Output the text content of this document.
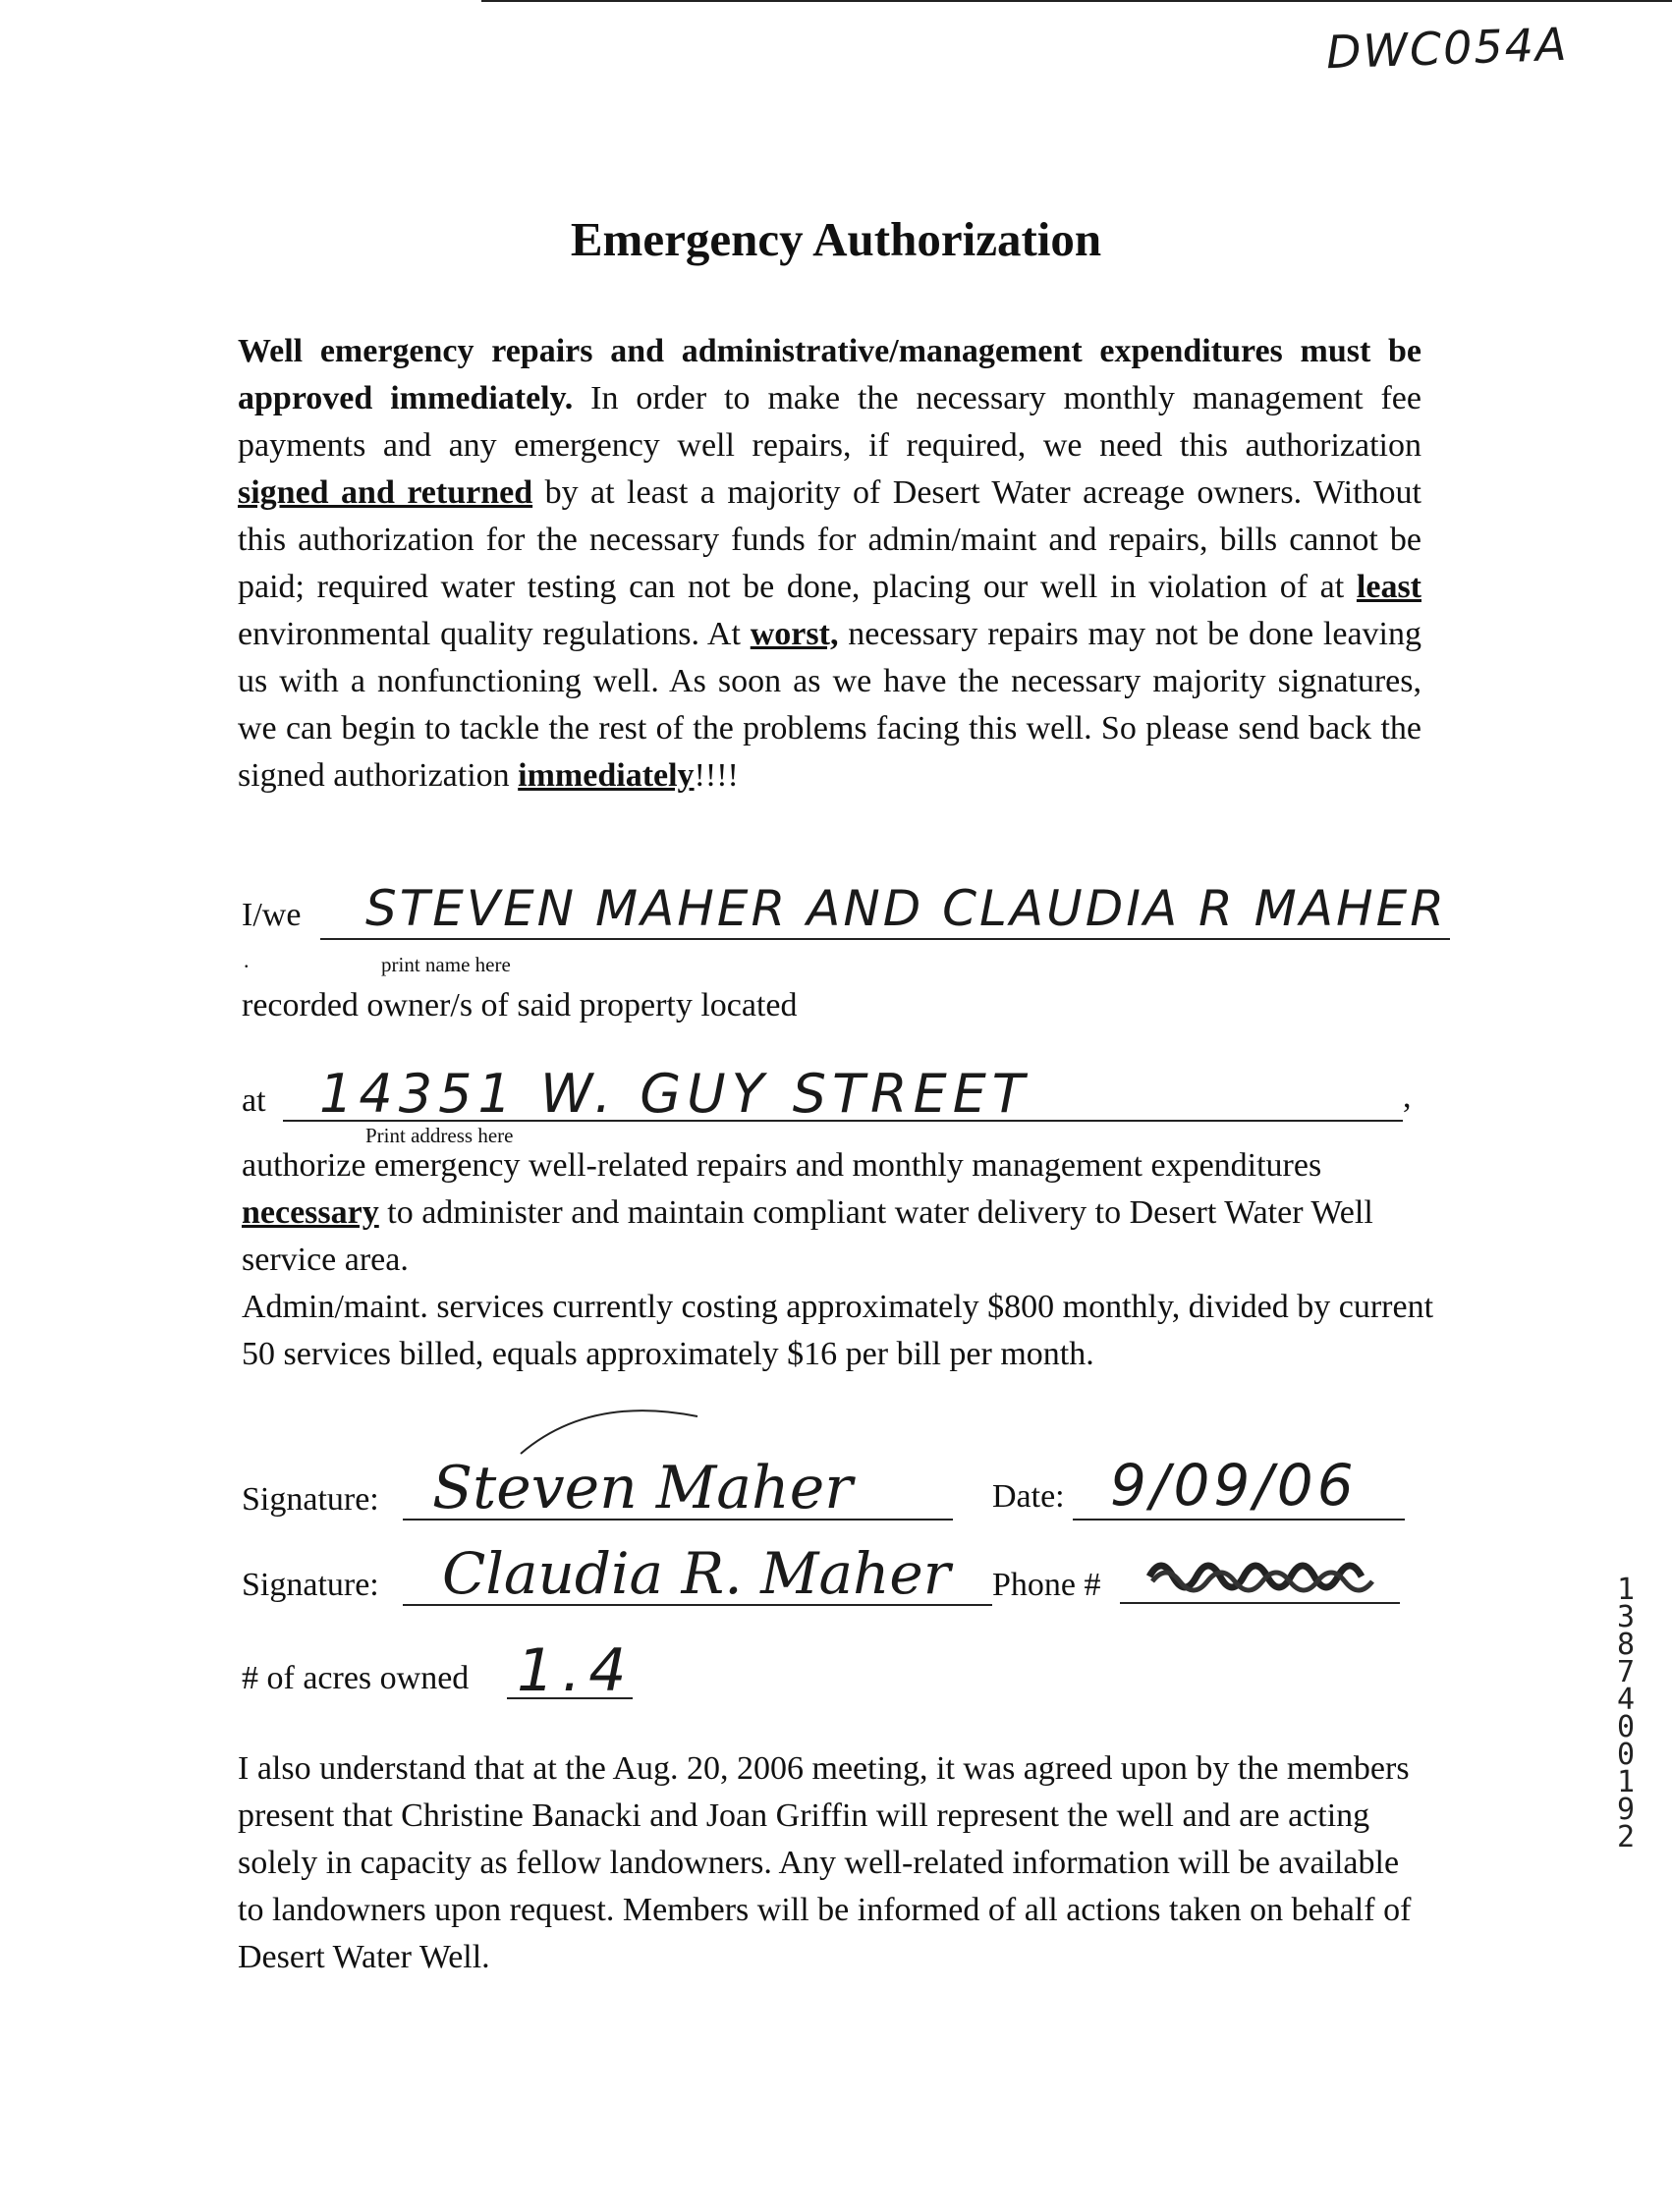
DWC054A
Emergency Authorization
Well emergency repairs and administrative/management expenditures must be approved immediately. In order to make the necessary monthly management fee payments and any emergency well repairs, if required, we need this authorization signed and returned by at least a majority of Desert Water acreage owners. Without this authorization for the necessary funds for admin/maint and repairs, bills cannot be paid; required water testing can not be done, placing our well in violation of at least environmental quality regulations. At worst, necessary repairs may not be done leaving us with a nonfunctioning well. As soon as we have the necessary majority signatures, we can begin to tackle the rest of the problems facing this well. So please send back the signed authorization immediately!!!!
I/we STEVEN MAHER AND CLAUDIA R MAHER
.	print name here
recorded owner/s of said property located
at	,
14351 W. GUY STREET
Print address here
authorize emergency well-related repairs and monthly management expenditures necessary to administer and maintain compliant water delivery to Desert Water Well service area.
Admin/maint. services currently costing approximately $800 monthly, divided by current 50 services billed, equals approximately $16 per bill per month.
Signature: Steven Maher	Date: 9/09/06
Signature: Claudia R. Maher Phone #
# of acres owned 1.4
I also understand that at the Aug. 20, 2006 meeting, it was agreed upon by the members present that Christine Banacki and Joan Griffin will represent the well and are acting solely in capacity as fellow landowners. Any well-related information will be available to landowners upon request. Members will be informed of all actions taken on behalf of Desert Water Well.
13874 00192
